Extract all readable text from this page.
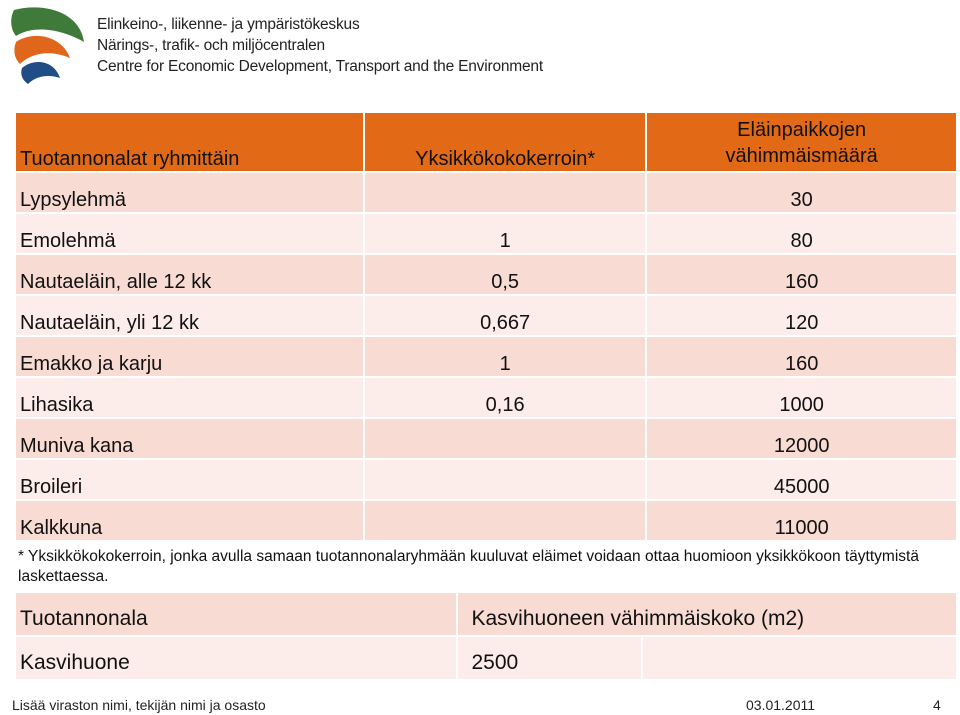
Elinkeino-, liikenne- ja ympäristökeskus
Närings-, trafik- och miljöcentralen
Centre for Economic Development, Transport and the Environment
Tuotannonalat ryhmittäin	Yksikkökokokerroin*	Eläinpaikkojen
vähimmäismäärä

Lypsylehmä		30
Emolehmä	1	80
Nautaeläin, alle 12 kk	0,5	160
Nautaeläin, yli 12 kk	0,667	120
Emakko ja karju	1	160
Lihasika	0,16	1000
Muniva kana		12000
Broileri		45000
Kalkkuna		11000
* Yksikkökokokerroin, jonka avulla samaan tuotannonalaryhmään kuuluvat eläimet voidaan ottaa huomioon yksikkökoon täyttymistä laskettaessa.
Tuotannonala	Kasvihuoneen vähimmäiskoko (m2)	
Kasvihuone	2500	
Lisää viraston nimi, tekijän nimi ja osasto	03.01.2011	4
